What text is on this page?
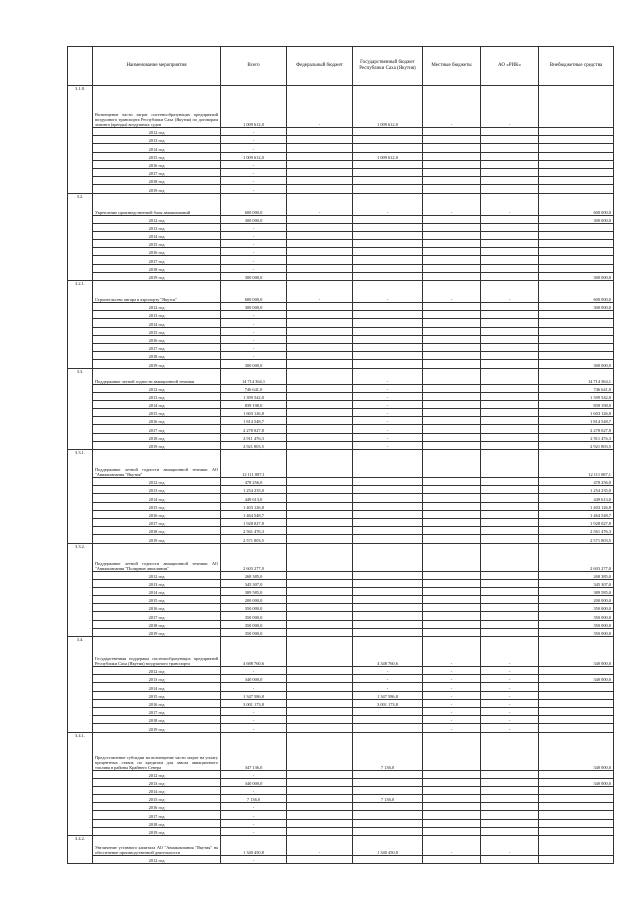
	Наименование мероприятия	Всего	Федеральный бюджет	Государственный бюджет Республики Саха (Якутия)	Местные бюджеты	АО «РИК»	Внебюджетные средства
3.1.8.	Возмещение части затрат системообразующих предприятий воздушного транспорта Республики Саха (Якутия) по договорам лизинга (аренды) воздушных судов	1 009 612,0	-	1 009 612,0	-	-	
	2012 год	-					
	2013 год	-					
	2014 год	-					
	2015 год	1 009 612,0		1 009 612,0			
	2016 год	-					
	2017 год	-					
	2018 год	-					
	2019 год	-					
3.2.	Укрепление производственной базы авиакомпаний	600 000,0	-	-	-	-	600 000,0
	2012 год	300 000,0					300 000,0
	2013 год	-					
	2014 год	-					
	2015 год	-					
	2016 год	-					
	2017 год	-					
	2018 год	-					
	2019 год	300 000,0					300 000,0
3.2.1.	Строительство ангара в аэропорту "Якутск"	600 000,0	-	-	-	-	600 000,0
	2012 год	300 000,0					300 000,0
	2013 год	-					
	2014 год	-					
	2015 год	-					
	2016 год	-					
	2017 год	-					
	2018 год	-					
	2019 год	300 000,0					300 000,0
3.3.	Поддержание летной годности авиационной техники	14 714 364,1		-			14 714 364,1
	2012 год	746 641,0		-			746 641,0
	2013 год	1 399 542,0		-			1 399 542,0
	2014 год	839 198,0		-			839 198,0
	2015 год	1 603 126,8		-			1 603 126,8
	2016 год	1 814 548,7		-			1 814 548,7
	2017 год	2 278 027,8		-			2 278 027,8
	2018 год	2 911 476,3		-			2 911 476,3
	2019 год	2 921 803,5		-			2 921 803,5
3.3.1.	Поддержание летной годности авиационной техники АО "Авиакомпания "Якутия"	12 111 087,1					12 111 087,1
	2012 год	478 256,0					478 256,0
	2013 год	1 254 235,0					1 254 235,0
	2014 год	449 613,0					449 613,0
	2015 год	1 403 126,8					1 403 126,8
	2016 год	1 464 548,7					1 464 548,7
	2017 год	1 928 027,8					1 928 027,8
	2018 год	2 561 476,3					2 561 476,3
	2019 год	2 571 803,5					2 571 803,5
3.3.2.	Поддержание летной годности авиационной техники АО "Авиакомпания "Полярные авиалинии"	2 603 277,0					2 603 277,0
	2012 год	268 385,0					268 385,0
	2013 год	345 307,0					345 307,0
	2014 год	389 585,0					389 585,0
	2015 год	200 000,0					200 000,0
	2016 год	350 000,0					350 000,0
	2017 год	350 000,0					350 000,0
	2018 год	350 000,0					350 000,0
	2019 год	350 000,0					350 000,0
3.4.	Государственная поддержка системообразующих предприятий Республики Саха (Якутия) воздушного транспорта	4 688 760,6		4 348 760,6	-	-	340 000,0
	2012 год	-		-	-	-	
	2013 год	340 000,0		-	-	-	340 000,0
	2014 год	-		-	-	-	
	2015 год	1 347 586,8		1 347 586,8	-	-	
	2016 год	3 001 173,8		3 001 173,8	-	-	
	2017 год	-			-	-	
	2018 год	-			-	-	
	2019 год	-			-	-	
3.4.1.	Предоставление субсидии на возмещение части затрат на уплату процентных ставок по кредитам для завоза авиационного топлива в районы Крайнего Севера	347 136,0		7 136,0			340 000,0
	2012 год	-					
	2013 год	340 000,0					340 000,0
	2014 год	-					
	2015 год	7 136,0		7 136,0			
	2016 год	-					
	2017 год	-					
	2018 год	-					
	2019 год	-					
3.4.2.	Увеличение уставного капитала АО "Авиакомпания "Якутия" на обеспечение производственной деятельности	1 340 450,8	-	1 340 450,8	-	-	
	2012 год	-					
